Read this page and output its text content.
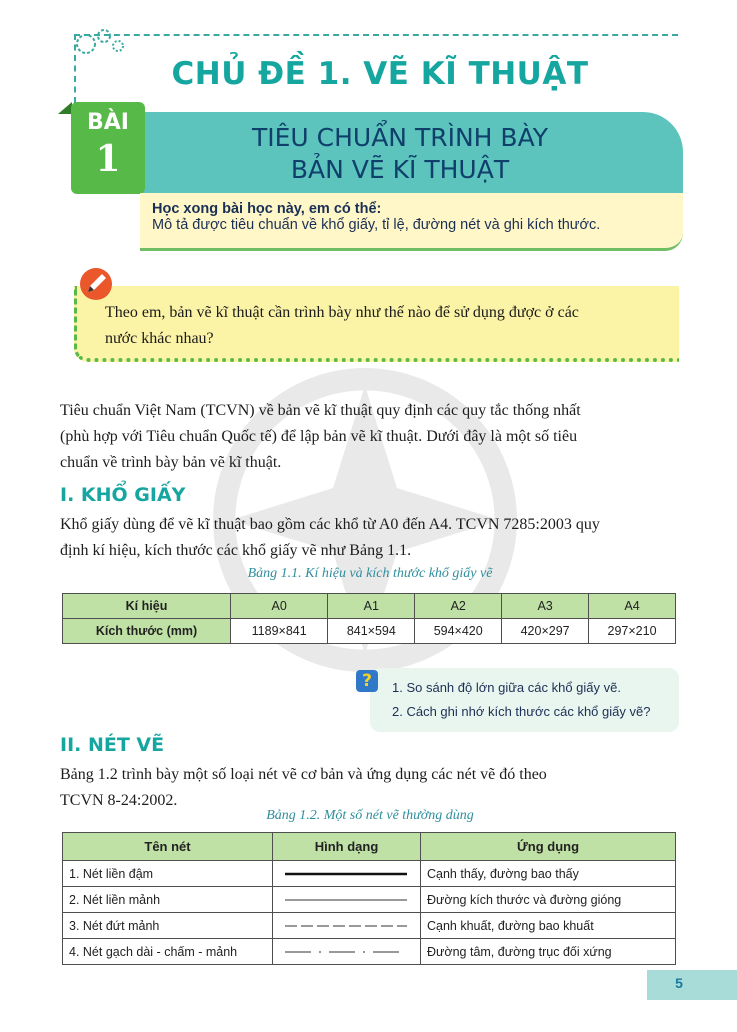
CHỦ ĐỀ 1. VẼ KĨ THUẬT
BÀI
1
TIÊU CHUẨN TRÌNH BÀY
BẢN VẼ KĨ THUẬT
Học xong bài học này, em có thể:
Mô tả được tiêu chuẩn về khổ giấy, tỉ lệ, đường nét và ghi kích thước.
Theo em, bản vẽ kĩ thuật cần trình bày như thế nào để sử dụng được ở các
nước khác nhau?
Tiêu chuẩn Việt Nam (TCVN) về bản vẽ kĩ thuật quy định các quy tắc thống nhất
(phù hợp với Tiêu chuẩn Quốc tế) để lập bản vẽ kĩ thuật. Dưới đây là một số tiêu
chuẩn về trình bày bản vẽ kĩ thuật.
I. KHỔ GIẤY
Khổ giấy dùng để vẽ kĩ thuật bao gồm các khổ từ A0 đến A4. TCVN 7285:2003 quy
định kí hiệu, kích thước các khổ giấy vẽ như Bảng 1.1.
Bảng 1.1. Kí hiệu và kích thước khổ giấy vẽ
Kí hiệu	A0	A1	A2	A3	A4
Kích thước (mm)	1189×841	841×594	594×420	420×297	297×210
1. So sánh độ lớn giữa các khổ giấy vẽ.
2. Cách ghi nhớ kích thước các khổ giấy vẽ?
?
II. NÉT VẼ
Bảng 1.2 trình bày một số loại nét vẽ cơ bản và ứng dụng các nét vẽ đó theo
TCVN 8-24:2002.
Bảng 1.2. Một số nét vẽ thường dùng
Tên nét	Hình dạng	Ứng dụng
1. Nét liền đậm		Cạnh thấy, đường bao thấy
2. Nét liền mảnh		Đường kích thước và đường gióng
3. Nét đứt mảnh		Cạnh khuất, đường bao khuất
4. Nét gạch dài - chấm - mảnh		Đường tâm, đường trục đối xứng
5
